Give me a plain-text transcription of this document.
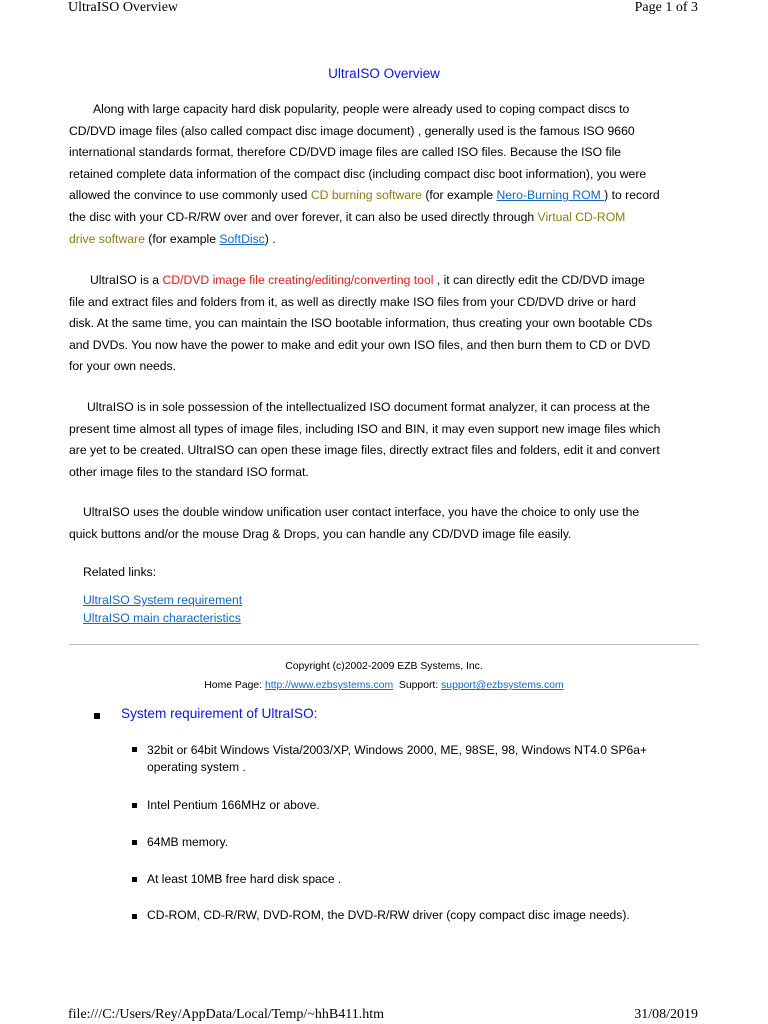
UltraISO Overview	Page 1 of 3
UltraISO Overview
Along with large capacity hard disk popularity, people were already used to coping compact discs to
CD/DVD image files (also called compact disc image document) , generally used is the famous ISO 9660
international standards format, therefore CD/DVD image files are called ISO files. Because the ISO file
retained complete data information of the compact disc (including compact disc boot information), you were
allowed the convince to use commonly used CD burning software (for example Nero-Burning ROM ) to record
the disc with your CD-R/RW over and over forever, it can also be used directly through Virtual CD-ROM
drive software (for example SoftDisc) .
UltraISO is a CD/DVD image file creating/editing/converting tool , it can directly edit the CD/DVD image
file and extract files and folders from it, as well as directly make ISO files from your CD/DVD drive or hard
disk. At the same time, you can maintain the ISO bootable information, thus creating your own bootable CDs
and DVDs. You now have the power to make and edit your own ISO files, and then burn them to CD or DVD
for your own needs.
UltraISO is in sole possession of the intellectualized ISO document format analyzer, it can process at the
present time almost all types of image files, including ISO and BIN, it may even support new image files which
are yet to be created. UltraISO can open these image files, directly extract files and folders, edit it and convert
other image files to the standard ISO format.
UltraISO uses the double window unification user contact interface, you have the choice to only use the
quick buttons and/or the mouse Drag & Drops, you can handle any CD/DVD image file easily.
Related links:
UltraISO System requirement
UltraISO main characteristics
Copyright (c)2002-2009 EZB Systems, Inc.
Home Page: http://www.ezbsystems.com  Support: support@ezbsystems.com
System requirement of UltraISO:
32bit or 64bit Windows Vista/2003/XP, Windows 2000, ME, 98SE, 98, Windows NT4.0 SP6a+
operating system .
Intel Pentium 166MHz or above.
64MB memory.
At least 10MB free hard disk space .
CD-ROM, CD-R/RW, DVD-ROM, the DVD-R/RW driver (copy compact disc image needs).
file:///C:/Users/Rey/AppData/Local/Temp/~hhB411.htm	31/08/2019
